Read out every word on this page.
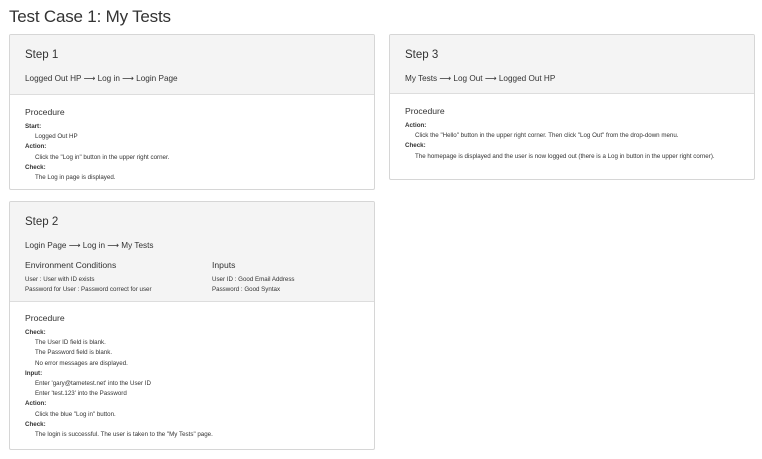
Test Case 1: My Tests
Step 1
Logged Out HP ⟶ Log in ⟶ Login Page
Procedure
Start:
Logged Out HP
Action:
Click the "Log in" button in the upper right corner.
Check:
The Log in page is displayed.
Step 3
My Tests ⟶ Log Out ⟶ Logged Out HP
Procedure
Action:
Click the "Hello" button in the upper right corner. Then click "Log Out" from the drop-down menu.
Check:
The homepage is displayed and the user is now logged out (there is a Log in button in the upper right corner).
Step 2
Login Page ⟶ Log in ⟶ My Tests
Environment Conditions
User : User with ID exists
Password for User : Password correct for user
Inputs
User ID : Good Email Address
Password : Good Syntax
Procedure
Check:
The User ID field is blank.
The Password field is blank.
No error messages are displayed.
Input:
Enter 'gary@tametest.net' into the User ID
Enter 'test.123' into the Password
Action:
Click the blue "Log in" button.
Check:
The login is successful. The user is taken to the "My Tests" page.
